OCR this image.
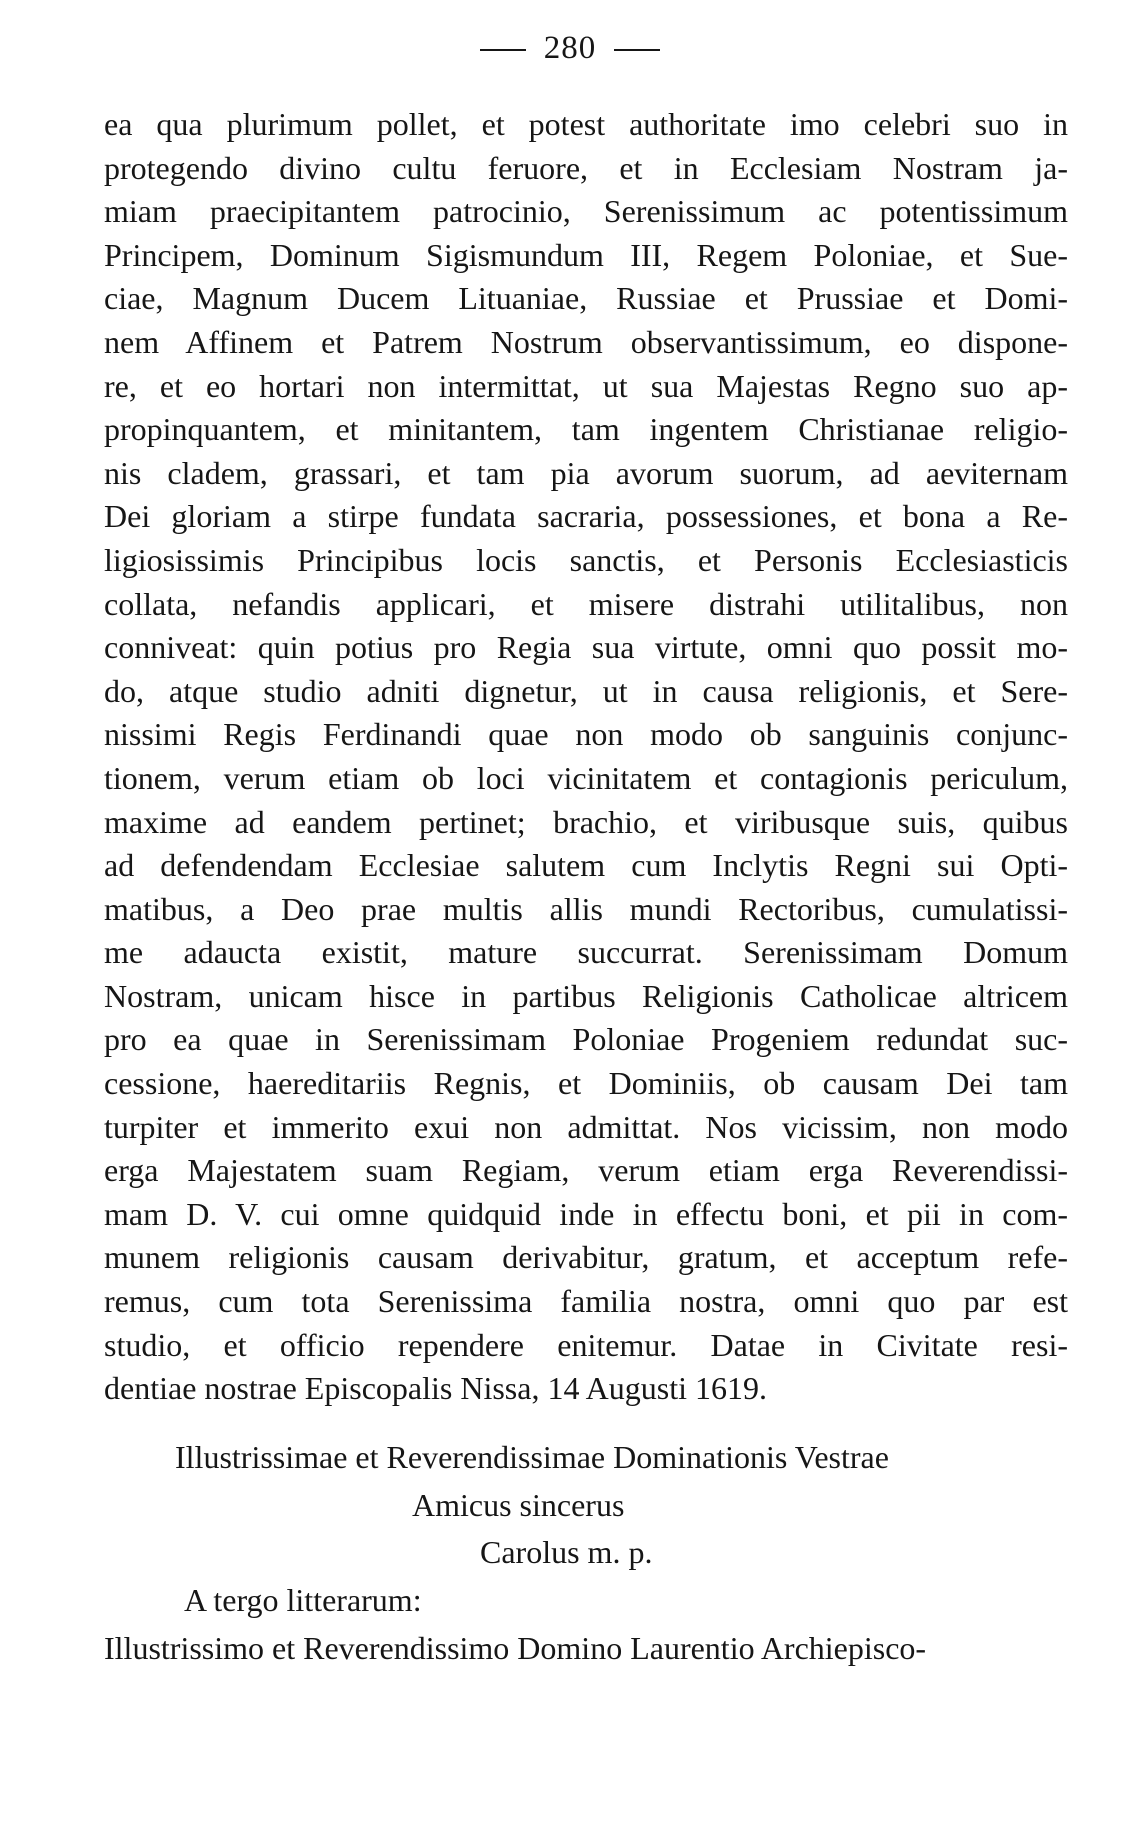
280
ea qua plurimum pollet, et potest authoritate imo celebri suo in
protegendo divino cultu feruore, et in Ecclesiam Nostram ja-
miam praecipitantem patrocinio, Serenissimum ac potentissimum
Principem, Dominum Sigismundum III, Regem Poloniae, et Sue-
ciae, Magnum Ducem Lituaniae, Russiae et Prussiae et Domi-
nem Affinem et Patrem Nostrum observantissimum, eo dispone-
re, et eo hortari non intermittat, ut sua Majestas Regno suo ap-
propinquantem, et minitantem, tam ingentem Christianae religio-
nis cladem, grassari, et tam pia avorum suorum, ad aeviternam
Dei gloriam a stirpe fundata sacraria, possessiones, et bona a Re-
ligiosissimis Principibus locis sanctis, et Personis Ecclesiasticis
collata, nefandis applicari, et misere distrahi utilitalibus, non
conniveat: quin potius pro Regia sua virtute, omni quo possit mo-
do, atque studio adniti dignetur, ut in causa religionis, et Sere-
nissimi Regis Ferdinandi quae non modo ob sanguinis conjunc-
tionem, verum etiam ob loci vicinitatem et contagionis periculum,
maxime ad eandem pertinet; brachio, et viribusque suis, quibus
ad defendendam Ecclesiae salutem cum Inclytis Regni sui Opti-
matibus, a Deo prae multis allis mundi Rectoribus, cumulatissi-
me adaucta existit, mature succurrat. Serenissimam Domum
Nostram, unicam hisce in partibus Religionis Catholicae altricem
pro ea quae in Serenissimam Poloniae Progeniem redundat suc-
cessione, haereditariis Regnis, et Dominiis, ob causam Dei tam
turpiter et immerito exui non admittat. Nos vicissim, non modo
erga Majestatem suam Regiam, verum etiam erga Reverendissi-
mam D. V. cui omne quidquid inde in effectu boni, et pii in com-
munem religionis causam derivabitur, gratum, et acceptum refe-
remus, cum tota Serenissima familia nostra, omni quo par est
studio, et officio rependere enitemur. Datae in Civitate resi-
dentiae nostrae Episcopalis Nissa, 14 Augusti 1619.
Illustrissimae et Reverendissimae Dominationis Vestrae
Amicus sincerus
Carolus m. p.
A tergo litterarum:
Illustrissimo et Reverendissimo Domino Laurentio Archiepisco-
